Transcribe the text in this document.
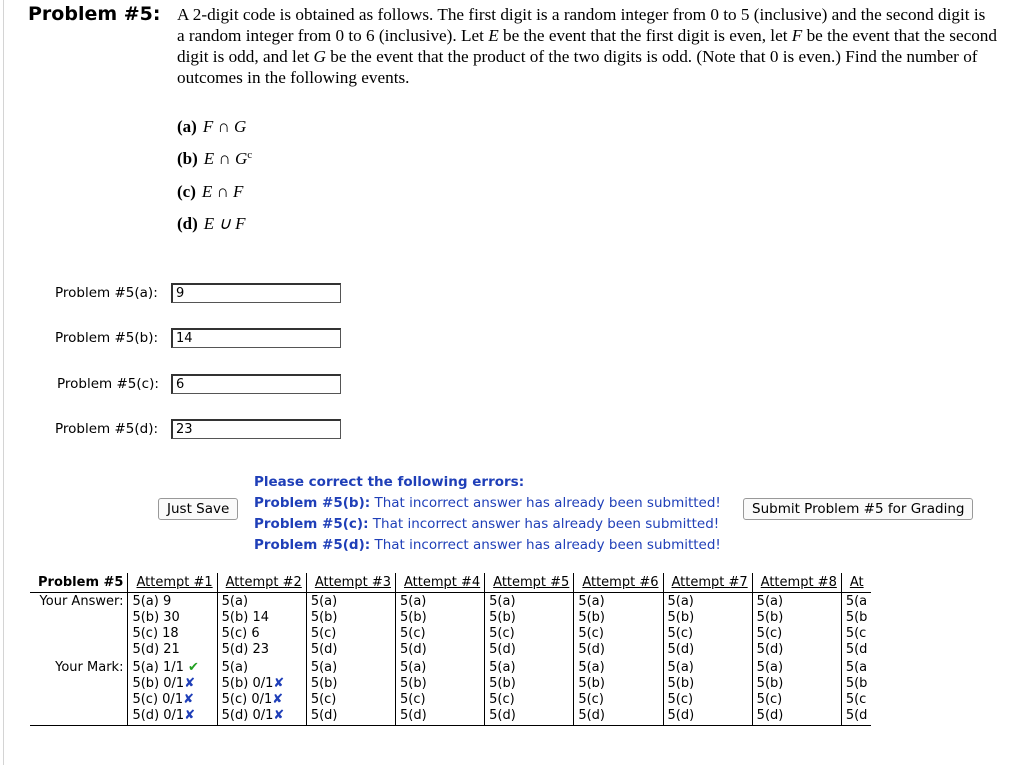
Problem #5: A 2-digit code is obtained as follows. The first digit is a random integer from 0 to 5 (inclusive) and the second digit is a random integer from 0 to 6 (inclusive). Let E be the event that the first digit is even, let F be the event that the second digit is odd, and let G be the event that the product of the two digits is odd. (Note that 0 is even.) Find the number of outcomes in the following events.
(a) F ∩ G
(b) E ∩ $G^c$
(c) E ∩ F
(d) E ∪ F
Problem #5(a):
9
Problem #5(b):
14
Problem #5(c):
6
Problem #5(d):
23
Just Save
Please correct the following errors:
Problem #5(b): That incorrect answer has already been submitted!
Problem #5(c): That incorrect answer has already been submitted!
Problem #5(d): That incorrect answer has already been submitted!
Submit Problem #5 for Grading
Problem #5	Attempt #1	Attempt #2	Attempt #3	Attempt #4	Attempt #5	Attempt #6	Attempt #7	Attempt #8	At
Your Answer:	5(a) 9
5(b) 30
5(c) 18
5(d) 21	5(a)
5(b) 14
5(c) 6
5(d) 23	5(a)
5(b)
5(c)
5(d)	5(a)
5(b)
5(c)
5(d)	5(a)
5(b)
5(c)
5(d)	5(a)
5(b)
5(c)
5(d)	5(a)
5(b)
5(c)
5(d)	5(a)
5(b)
5(c)
5(d)	5(a
5(b
5(c
5(d

Your Mark:	5(a) 1/1 ✔
5(b) 0/1✘
5(c) 0/1✘
5(d) 0/1✘	5(a)
5(b) 0/1✘
5(c) 0/1✘
5(d) 0/1✘	5(a)
5(b)
5(c)
5(d)	5(a)
5(b)
5(c)
5(d)	5(a)
5(b)
5(c)
5(d)	5(a)
5(b)
5(c)
5(d)	5(a)
5(b)
5(c)
5(d)	5(a)
5(b)
5(c)
5(d)	5(a
5(b
5(c
5(d
